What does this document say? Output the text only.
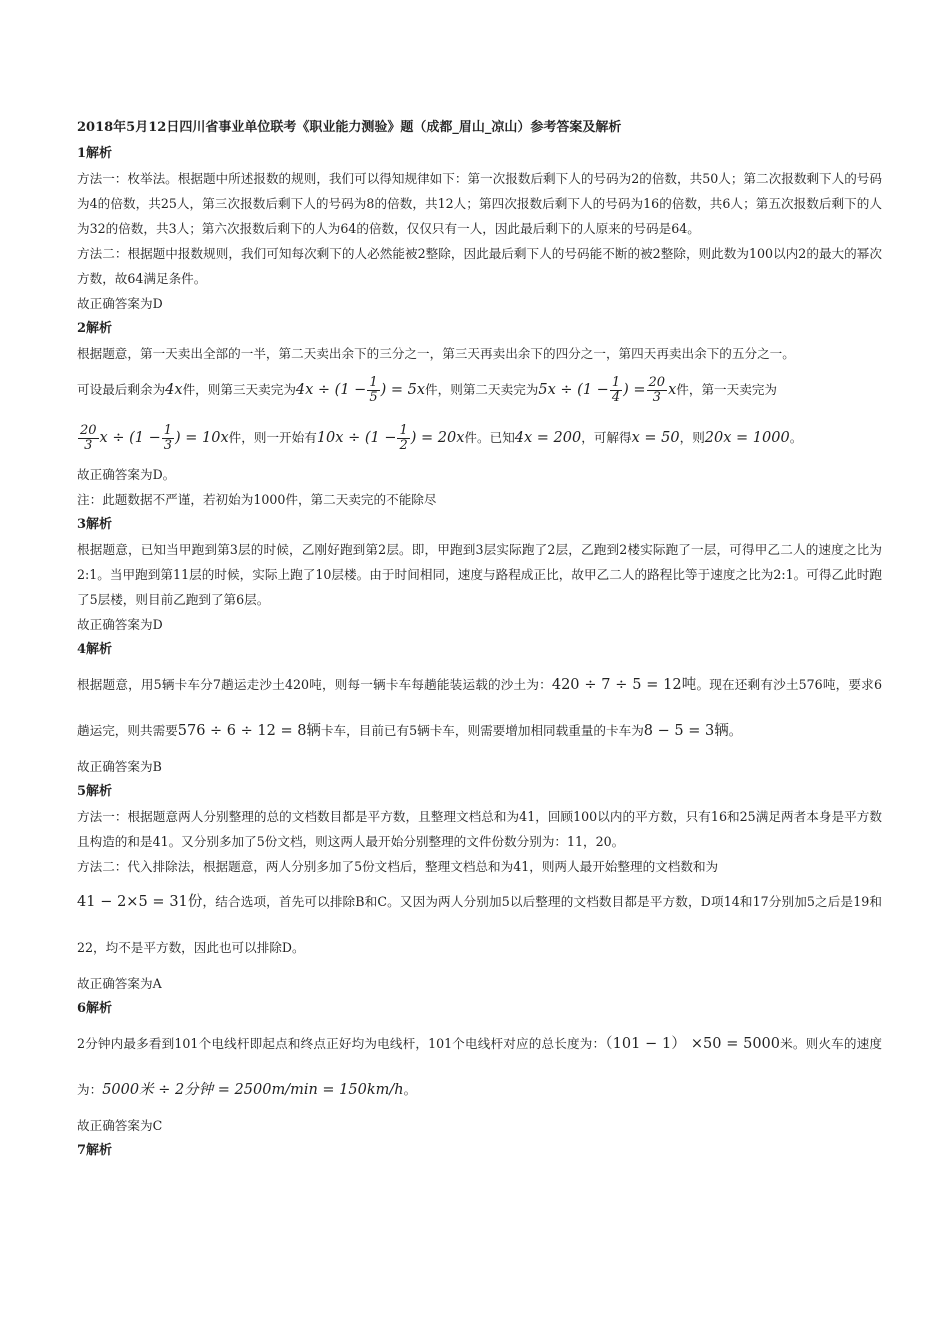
2018年5月12日四川省事业单位联考《职业能力测验》题（成都_眉山_凉山）参考答案及解析
1解析

方法一：枚举法。根据题中所述报数的规则，我们可以得知规律如下：第一次报数后剩下人的号码为2的倍数，共50人；第二次报数剩下人的号码为4的倍数，共25人，第三次报数后剩下人的号码为8的倍数，共12人；第四次报数后剩下人的号码为16的倍数，共6人；第五次报数后剩下的人为32的倍数，共3人；第六次报数后剩下的人为64的倍数，仅仅只有一人，因此最后剩下的人原来的号码是64。

方法二：根据题中报数规则，我们可知每次剩下的人必然能被2整除，因此最后剩下人的号码能不断的被2整除，则此数为100以内2的最大的幂次方数，故64满足条件。

故正确答案为D

2解析

根据题意，第一天卖出全部的一半，第二天卖出余下的三分之一，第三天再卖出余下的四分之一，第四天再卖出余下的五分之一。

可设最后剩余为4x件，则第三天卖完为$4x \div (1 - \frac{1}{5}$ ) = 5x件，则第二天卖完为$5x \div (1 - \frac{1}{4}$ ) = $\frac{20}{3}$ x件，第一天卖完为

$\frac{20}{3}$ $x \div (1 - \frac{1}{3}$ ) = 10x件，则一开始有$10x \div (1 - \frac{1}{2}$ ) = 20x件。已知4x = 200，可解得x = 50，则20x = 1000。

故正确答案为D。

注：此题数据不严谨，若初始为1000件，第二天卖完的不能除尽

3解析

根据题意，已知当甲跑到第3层的时候，乙刚好跑到第2层。即，甲跑到3层实际跑了2层，乙跑到2楼实际跑了一层，可得甲乙二人的速度之比为2:1。当甲跑到第11层的时候，实际上跑了10层楼。由于时间相同，速度与路程成正比，故甲乙二人的路程比等于速度之比为2:1。可得乙此时跑了5层楼，则目前乙跑到了第6层。

故正确答案为D

4解析

根据题意，用5辆卡车分7趟运走沙土420吨，则每一辆卡车每趟能装运载的沙土为：420 ÷ 7 ÷ 5 = 12吨。现在还剩有沙土576吨，要求6趟运完，则共需要576 ÷ 6 ÷ 12 = 8辆卡车，目前已有5辆卡车，则需要增加相同载重量的卡车为8 − 5 = 3辆。

故正确答案为B

5解析

方法一：根据题意两人分别整理的总的文档数目都是平方数，且整理文档总和为41，回顾100以内的平方数，只有16和25满足两者本身是平方数且构造的和是41。又分别多加了5份文档，则这两人最开始分别整理的文件份数分别为：11，20。

方法二：代入排除法，根据题意，两人分别多加了5份文档后，整理文档总和为41，则两人最开始整理的文档数和为

41 − 2×5 = 31份，结合选项，首先可以排除B和C。又因为两人分别加5以后整理的文档数目都是平方数，D项14和17分别加5之后是19和22，均不是平方数，因此也可以排除D。

故正确答案为A

6解析

2分钟内最多看到101个电线杆即起点和终点正好均为电线杆，101个电线杆对应的总长度为：（101 − 1） ×50 = 5000米。则火车的速度为：5000米 ÷ 2分钟 = 2500m/min = 150km/h。

故正确答案为C

7解析
